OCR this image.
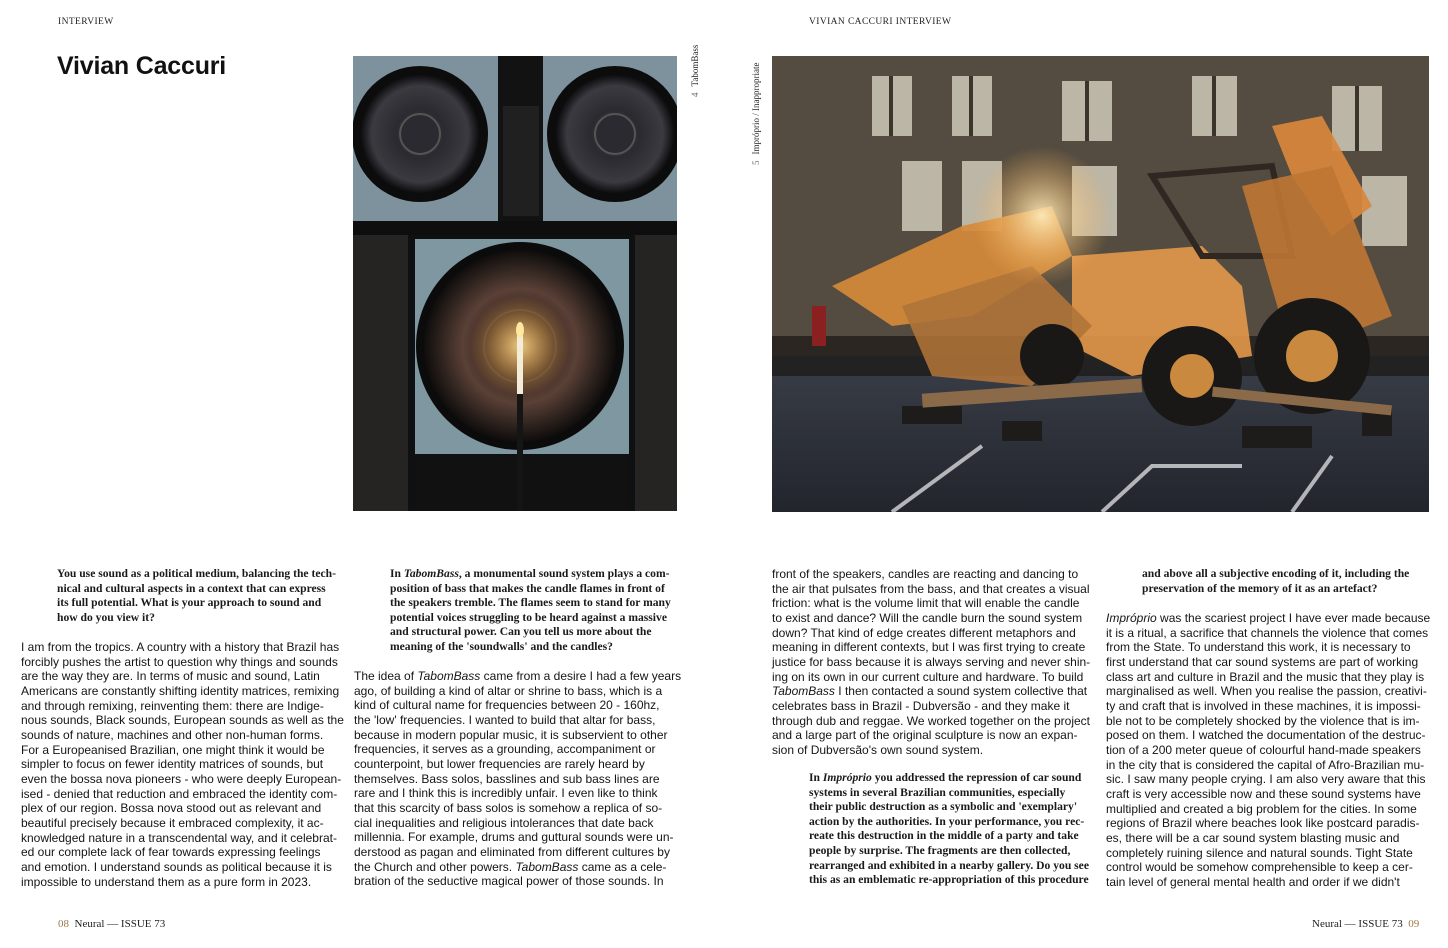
INTERVIEW
Vivian Caccuri
4TabomBass
You use sound as a political medium, balancing the tech-
nical and cultural aspects in a context that can express
its full potential. What is your approach to sound and
how do you view it?
I am from the tropics. A country with a history that Brazil has
forcibly pushes the artist to question why things and sounds
are the way they are. In terms of music and sound, Latin
Americans are constantly shifting identity matrices, remixing
and through remixing, reinventing them: there are Indige-
nous sounds, Black sounds, European sounds as well as the
sounds of nature, machines and other non-human forms.
For a Europeanised Brazilian, one might think it would be
simpler to focus on fewer identity matrices of sounds, but
even the bossa nova pioneers - who were deeply European-
ised - denied that reduction and embraced the identity com-
plex of our region. Bossa nova stood out as relevant and
beautiful precisely because it embraced complexity, it ac-
knowledged nature in a transcendental way, and it celebrat-
ed our complete lack of fear towards expressing feelings
and emotion. I understand sounds as political because it is
impossible to understand them as a pure form in 2023.
In TabomBass, a monumental sound system plays a com-
position of bass that makes the candle flames in front of
the speakers tremble. The flames seem to stand for many
potential voices struggling to be heard against a massive
and structural power. Can you tell us more about the
meaning of the 'soundwalls' and the candles?
The idea of TabomBass came from a desire I had a few years
ago, of building a kind of altar or shrine to bass, which is a
kind of cultural name for frequencies between 20 - 160hz,
the 'low' frequencies. I wanted to build that altar for bass,
because in modern popular music, it is subservient to other
frequencies, it serves as a grounding, accompaniment or
counterpoint, but lower frequencies are rarely heard by
themselves. Bass solos, basslines and sub bass lines are
rare and I think this is incredibly unfair. I even like to think
that this scarcity of bass solos is somehow a replica of so-
cial inequalities and religious intolerances that date back
millennia. For example, drums and guttural sounds were un-
derstood as pagan and eliminated from different cultures by
the Church and other powers. TabomBass came as a cele-
bration of the seductive magical power of those sounds. In
08 Neural — ISSUE 73
VIVIAN CACCURI INTERVIEW
5Impróprio / Inappropriate
front of the speakers, candles are reacting and dancing to
the air that pulsates from the bass, and that creates a visual
friction: what is the volume limit that will enable the candle
to exist and dance? Will the candle burn the sound system
down? That kind of edge creates different metaphors and
meaning in different contexts, but I was first trying to create
justice for bass because it is always serving and never shin-
ing on its own in our current culture and hardware. To build
TabomBass I then contacted a sound system collective that
celebrates bass in Brazil - Dubversão - and they make it
through dub and reggae. We worked together on the project
and a large part of the original sculpture is now an expan-
sion of Dubversão's own sound system.
In Impróprio you addressed the repression of car sound
systems in several Brazilian communities, especially
their public destruction as a symbolic and 'exemplary'
action by the authorities. In your performance, you rec-
reate this destruction in the middle of a party and take
people by surprise. The fragments are then collected,
rearranged and exhibited in a nearby gallery. Do you see
this as an emblematic re-appropriation of this procedure
and above all a subjective encoding of it, including the
preservation of the memory of it as an artefact?
Impróprio was the scariest project I have ever made because
it is a ritual, a sacrifice that channels the violence that comes
from the State. To understand this work, it is necessary to
first understand that car sound systems are part of working
class art and culture in Brazil and the music that they play is
marginalised as well. When you realise the passion, creativi-
ty and craft that is involved in these machines, it is impossi-
ble not to be completely shocked by the violence that is im-
posed on them. I watched the documentation of the destruc-
tion of a 200 meter queue of colourful hand-made speakers
in the city that is considered the capital of Afro-Brazilian mu-
sic. I saw many people crying. I am also very aware that this
craft is very accessible now and these sound systems have
multiplied and created a big problem for the cities. In some
regions of Brazil where beaches look like postcard paradis-
es, there will be a car sound system blasting music and
completely ruining silence and natural sounds. Tight State
control would be somehow comprehensible to keep a cer-
tain level of general mental health and order if we didn't
Neural — ISSUE 73 09
